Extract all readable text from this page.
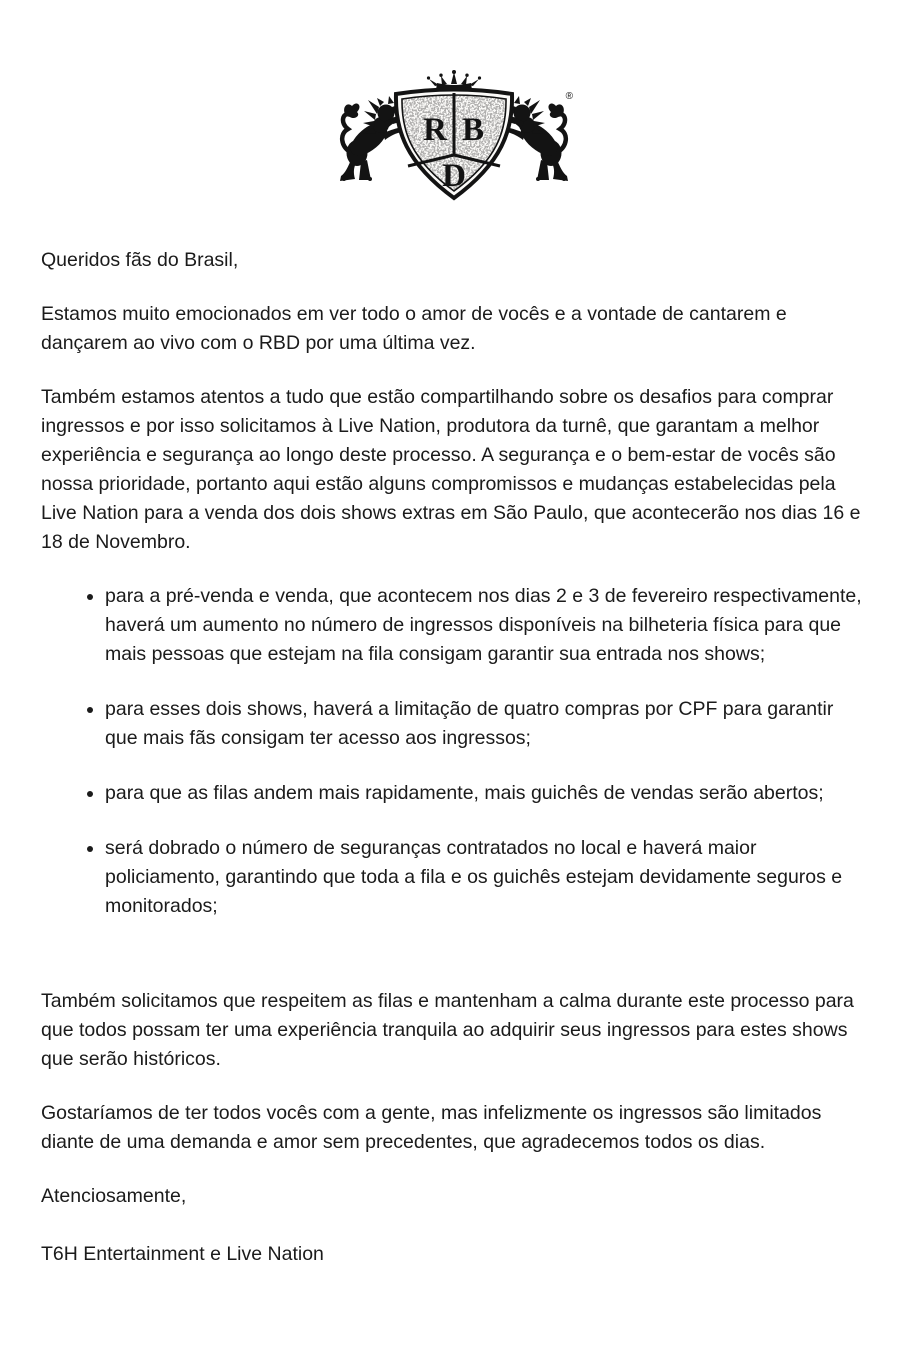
R B
D
®

Queridos fãs do Brasil,

Estamos muito emocionados em ver todo o amor de vocês e a vontade de cantarem e dançarem ao vivo com o RBD por uma última vez.

Também estamos atentos a tudo que estão compartilhando sobre os desafios para comprar ingressos e por isso solicitamos à Live Nation, produtora da turnê, que garantam a melhor experiência e segurança ao longo deste processo. A segurança e o bem-estar de vocês são nossa prioridade, portanto aqui estão alguns compromissos e mudanças estabelecidas pela Live Nation para a venda dos dois shows extras em São Paulo, que acontecerão nos dias 16 e 18 de Novembro.

• para a pré-venda e venda, que acontecem nos dias 2 e 3 de fevereiro respectivamente, haverá um aumento no número de ingressos disponíveis na bilheteria física para que mais pessoas que estejam na fila consigam garantir sua entrada nos shows;
• para esses dois shows, haverá a limitação de quatro compras por CPF para garantir que mais fãs consigam ter acesso aos ingressos;
• para que as filas andem mais rapidamente, mais guichês de vendas serão abertos;
• será dobrado o número de seguranças contratados no local e haverá maior policiamento, garantindo que toda a fila e os guichês estejam devidamente seguros e monitorados;

Também solicitamos que respeitem as filas e mantenham a calma durante este processo para que todos possam ter uma experiência tranquila ao adquirir seus ingressos para estes shows que serão históricos.

Gostaríamos de ter todos vocês com a gente, mas infelizmente os ingressos são limitados diante de uma demanda e amor sem precedentes, que agradecemos todos os dias.

Atenciosamente,

T6H Entertainment e Live Nation
